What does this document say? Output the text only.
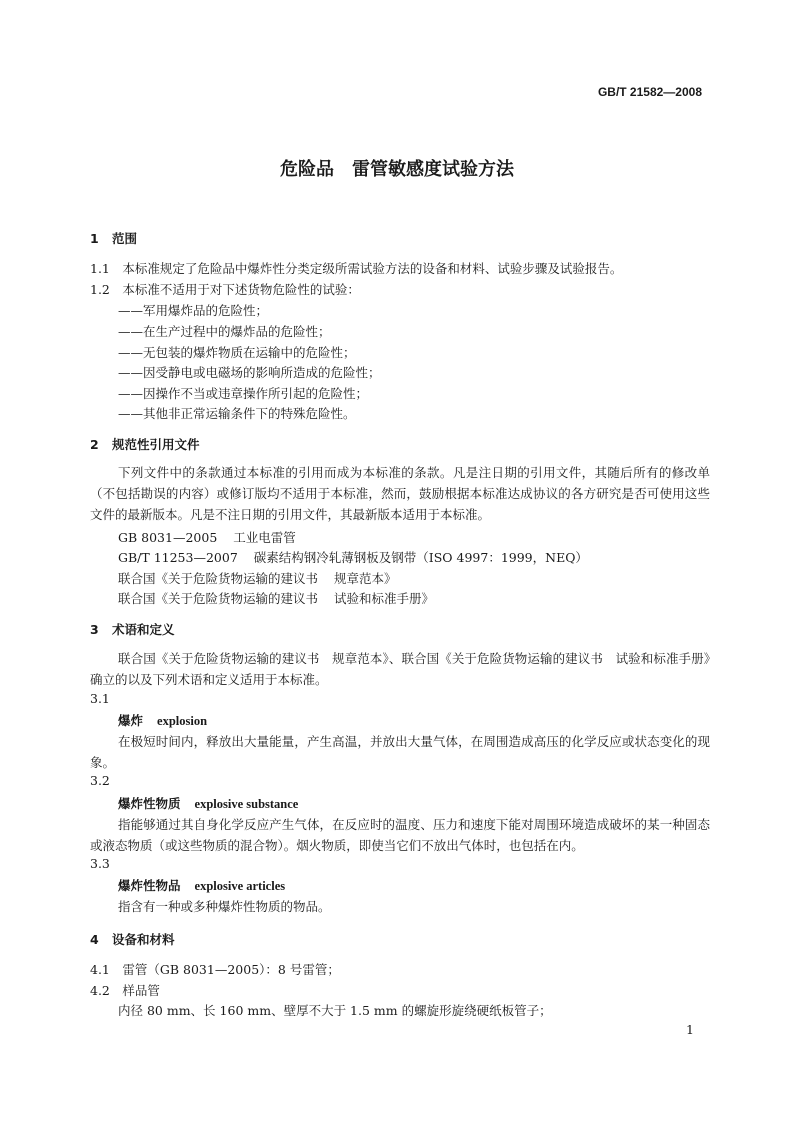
GB/T 21582—2008
危险品 雷管敏感度试验方法
1 范围
1.1　本标准规定了危险品中爆炸性分类定级所需试验方法的设备和材料、试验步骤及试验报告。
1.2　本标准不适用于对下述货物危险性的试验：
——军用爆炸品的危险性；
——在生产过程中的爆炸品的危险性；
——无包装的爆炸物质在运输中的危险性；
——因受静电或电磁场的影响所造成的危险性；
——因操作不当或违章操作所引起的危险性；
——其他非正常运输条件下的特殊危险性。
2 规范性引用文件
下列文件中的条款通过本标准的引用而成为本标准的条款。凡是注日期的引用文件，其随后所有的修改单（不包括勘误的内容）或修订版均不适用于本标准，然而，鼓励根据本标准达成协议的各方研究是否可使用这些文件的最新版本。凡是不注日期的引用文件，其最新版本适用于本标准。
GB 8031—2005 工业电雷管
GB/T 11253—2007 碳素结构钢冷轧薄钢板及钢带（ISO 4997：1999，NEQ）
联合国《关于危险货物运输的建议书 规章范本》
联合国《关于危险货物运输的建议书 试验和标准手册》
3 术语和定义
联合国《关于危险货物运输的建议书　规章范本》、联合国《关于危险货物运输的建议书　试验和标准手册》确立的以及下列术语和定义适用于本标准。
3.1
爆炸 explosion
在极短时间内，释放出大量能量，产生高温，并放出大量气体，在周围造成高压的化学反应或状态变化的现象。
3.2
爆炸性物质 explosive substance
指能够通过其自身化学反应产生气体，在反应时的温度、压力和速度下能对周围环境造成破坏的某一种固态或液态物质（或这些物质的混合物）。烟火物质，即使当它们不放出气体时，也包括在内。
3.3
爆炸性物品 explosive articles
指含有一种或多种爆炸性物质的物品。
4 设备和材料
4.1　雷管（GB 8031—2005）：8 号雷管；
4.2　样品管
内径 80 mm、长 160 mm、壁厚不大于 1.5 mm 的螺旋形旋绕硬纸板管子；
1
